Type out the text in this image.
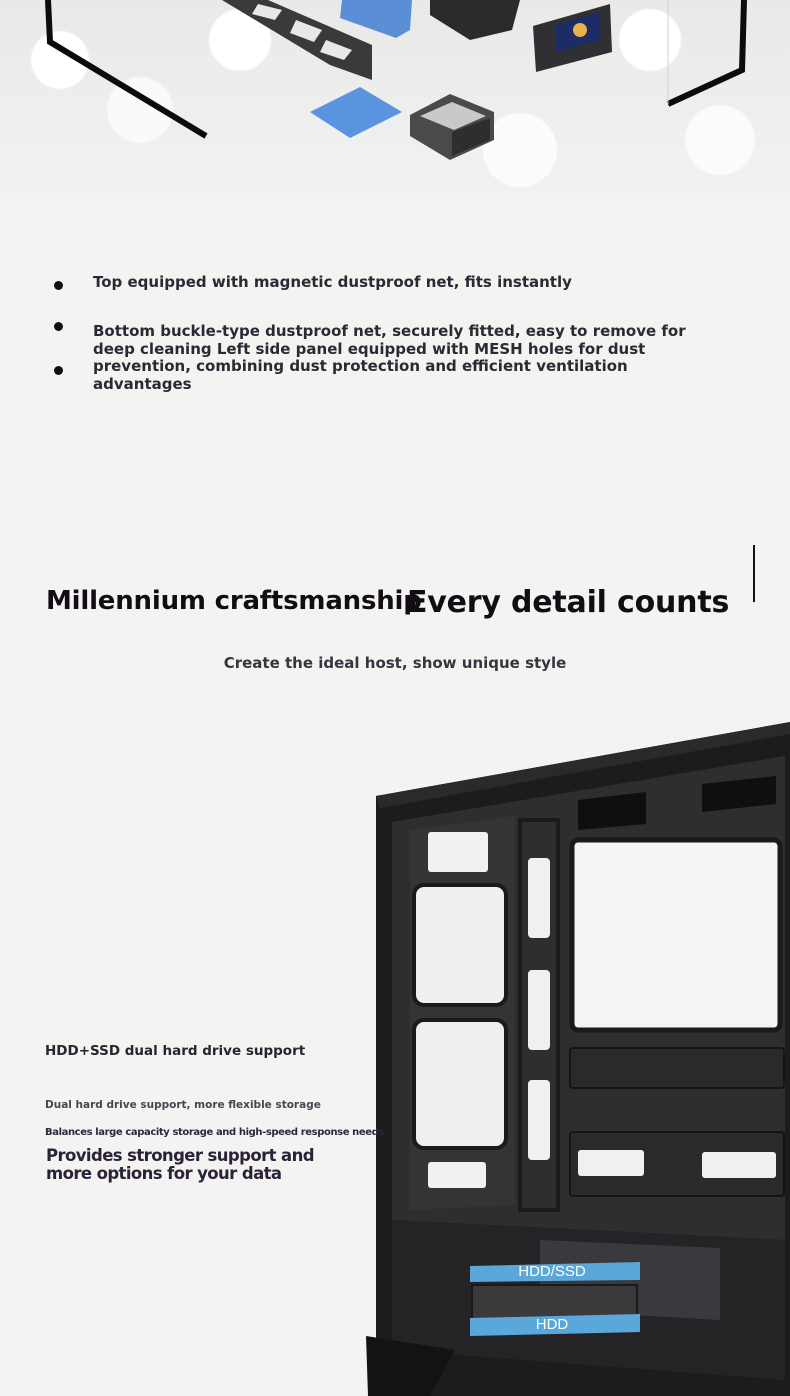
Top equipped with magnetic dustproof net, fits instantly
Bottom buckle-type dustproof net, securely fitted, easy to remove for deep cleaning Left side panel equipped with MESH holes for dust prevention, combining dust protection and efficient ventilation advantages
Millennium craftsmanship
Every detail counts
Create the ideal host, show unique style
HDD/SSD
HDD
HDD+SSD dual hard drive support
Dual hard drive support, more flexible storage
Balances large capacity storage and high-speed response needs
Provides stronger support and more options for your data
